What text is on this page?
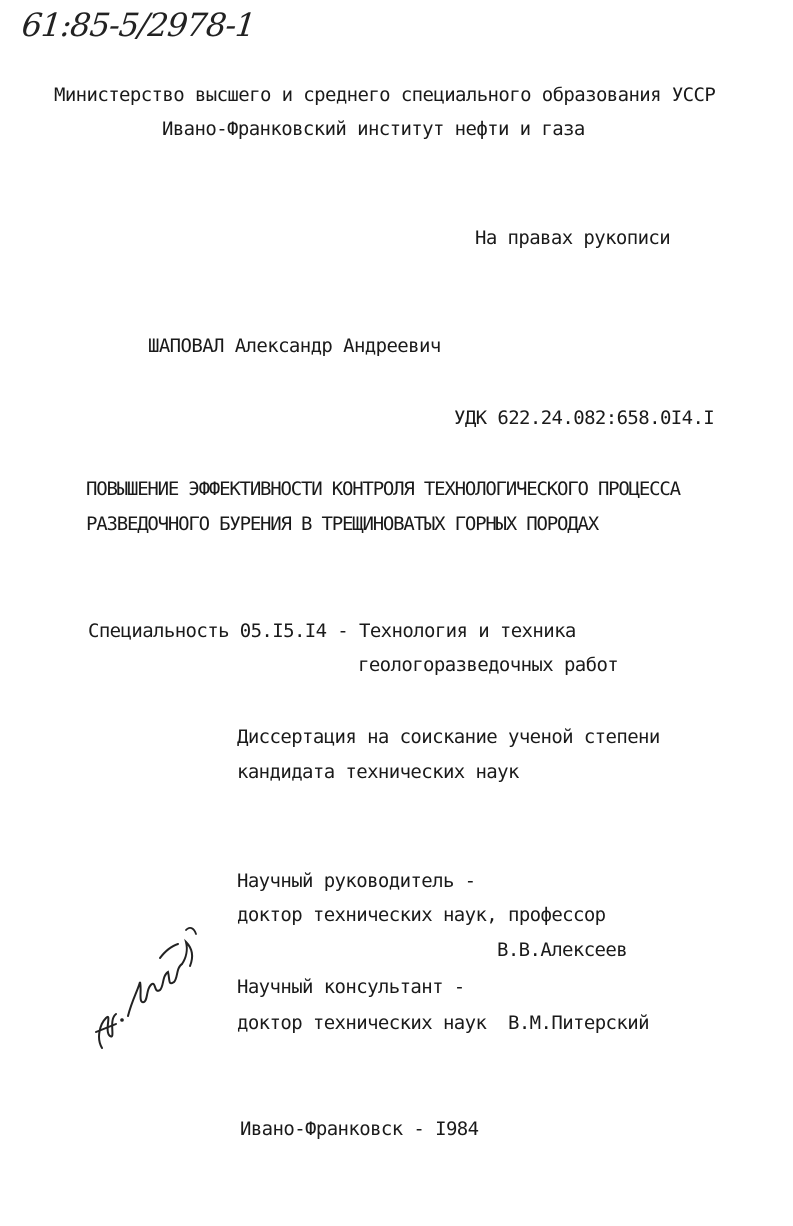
61:85-5/2978-1
Министерство высшего и среднего специального образования УССР
Ивано-Франковский институт нефти и газа
На правах рукописи
ШАПОВАЛ Александр Андреевич
УДК 622.24.082:658.0I4.I
ПОВЫШЕНИЕ ЭФФЕКТИВНОСТИ КОНТРОЛЯ ТЕХНОЛОГИЧЕСКОГО ПРОЦЕССА
РАЗВЕДОЧНОГО БУРЕНИЯ В ТРЕЩИНОВАТЫХ ГОРНЫХ ПОРОДАХ
Специальность 05.I5.I4 - Технология и техника
геологоразведочных работ
Диссертация на соискание ученой степени
кандидата технических наук
Научный руководитель -
доктор технических наук, профессор
В.В.Алексеев
Научный консультант -
доктор технических наук В.М.Питерский
Ивано-Франковск - I984
